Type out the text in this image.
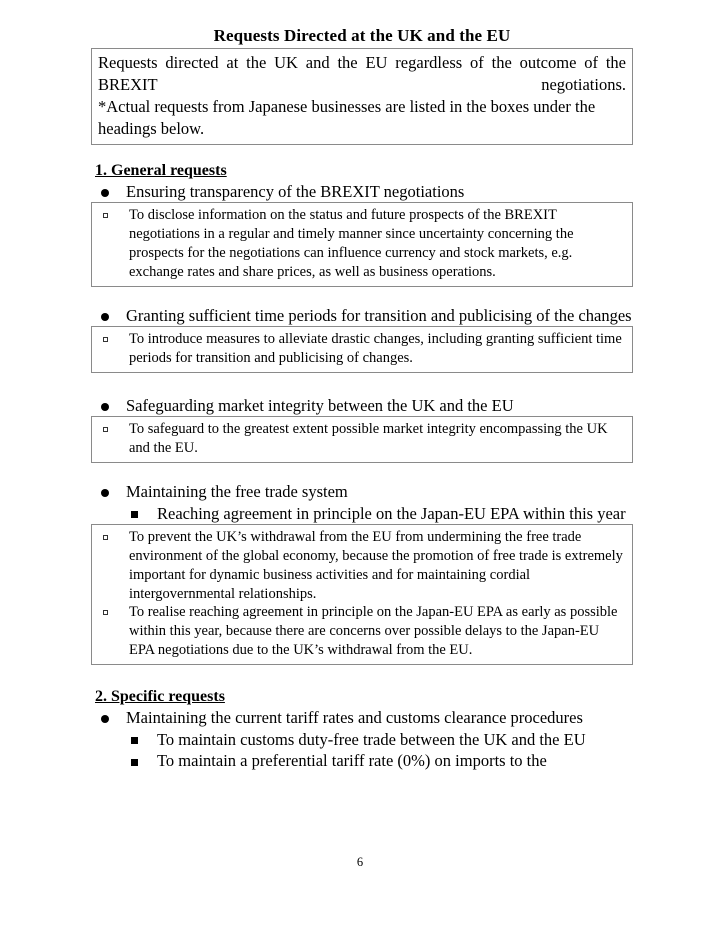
Requests Directed at the UK and the EU

Requests directed at the UK and the EU regardless of the outcome of the BREXIT negotiations.

*Actual requests from Japanese businesses are listed in the boxes under the headings below.

1. General requests

Ensuring transparency of the BREXIT negotiations

To disclose information on the status and future prospects of the BREXIT negotiations in a regular and timely manner since uncertainty concerning the prospects for the negotiations can influence currency and stock markets, e.g. exchange rates and share prices, as well as business operations.

Granting sufficient time periods for transition and publicising of the changes

To introduce measures to alleviate drastic changes, including granting sufficient time periods for transition and publicising of changes.

Safeguarding market integrity between the UK and the EU

To safeguard to the greatest extent possible market integrity encompassing the UK and the EU.

Maintaining the free trade system

Reaching agreement in principle on the Japan-EU EPA within this year

To prevent the UK’s withdrawal from the EU from undermining the free trade environment of the global economy, because the promotion of free trade is extremely important for dynamic business activities and for maintaining cordial intergovernmental relationships.

To realise reaching agreement in principle on the Japan-EU EPA as early as possible within this year, because there are concerns over possible delays to the Japan-EU EPA negotiations due to the UK’s withdrawal from the EU.

2. Specific requests

Maintaining the current tariff rates and customs clearance procedures

To maintain customs duty-free trade between the UK and the EU

To maintain a preferential tariff rate (0%) on imports to the

6
